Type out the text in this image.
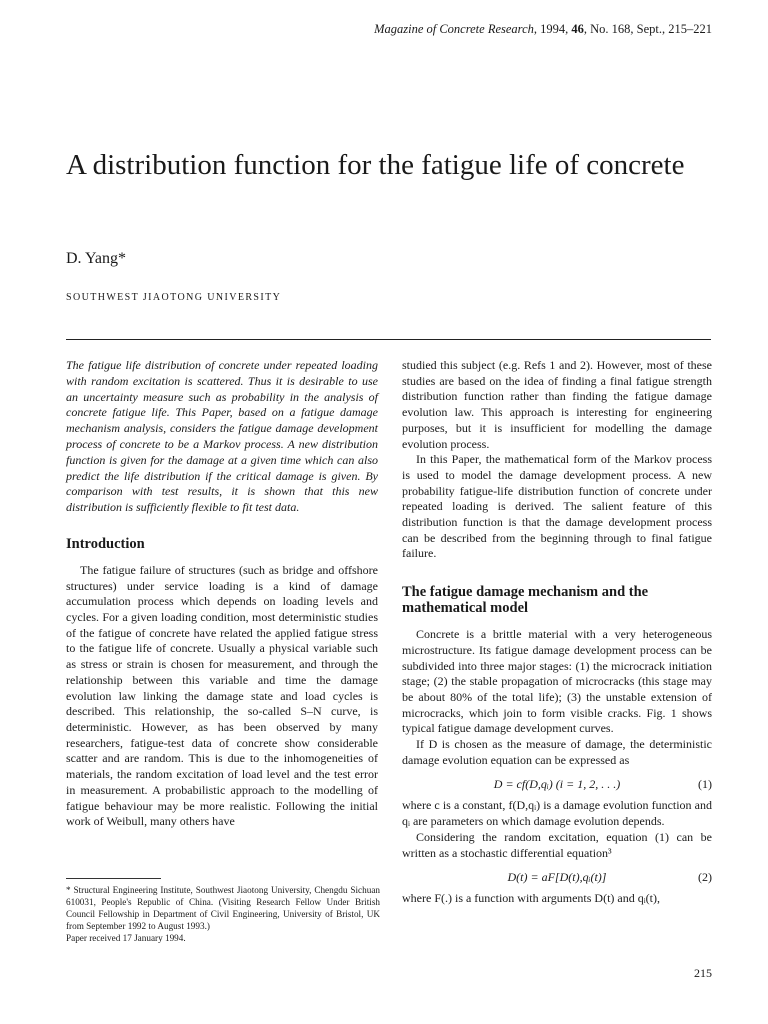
Magazine of Concrete Research, 1994, 46, No. 168, Sept., 215–221
A distribution function for the fatigue life of concrete
D. Yang*
SOUTHWEST JIAOTONG UNIVERSITY

The fatigue life distribution of concrete under repeated loading with random excitation is scattered. Thus it is desirable to use an uncertainty measure such as probability in the analysis of concrete fatigue life. This Paper, based on a fatigue damage mechanism analysis, considers the fatigue damage development process of concrete to be a Markov process. A new distribution function is given for the damage at a given time which can also predict the life distribution if the critical damage is given. By comparison with test results, it is shown that this new distribution is sufficiently flexible to fit test data.

Introduction

The fatigue failure of structures (such as bridge and offshore structures) under service loading is a kind of damage accumulation process which depends on loading levels and cycles. For a given loading condition, most deterministic studies of the fatigue of concrete have related the applied fatigue stress to the fatigue life of concrete. Usually a physical variable such as stress or strain is chosen for measurement, and through the relationship between this variable and time the damage evolution law linking the damage state and load cycles is described. This relationship, the so-called S–N curve, is deterministic. However, as has been observed by many researchers, fatigue-test data of concrete show considerable scatter and are random. This is due to the inhomogeneities of materials, the random excitation of load level and the test error in measurement. A probabilistic approach to the modelling of fatigue behaviour may be more realistic. Following the initial work of Weibull, many others have

studied this subject (e.g. Refs 1 and 2). However, most of these studies are based on the idea of finding a final fatigue strength distribution function rather than finding the fatigue damage evolution law. This approach is interesting for engineering purposes, but it is insufficient for modelling the damage evolution process.

In this Paper, the mathematical form of the Markov process is used to model the damage development process. A new probability fatigue-life distribution function of concrete under repeated loading is derived. The salient feature of this distribution function is that the damage development process can be described from the beginning through to final fatigue failure.

The fatigue damage mechanism and the mathematical model

Concrete is a brittle material with a very heterogeneous microstructure. Its fatigue damage development process can be subdivided into three major stages: (1) the microcrack initiation stage; (2) the stable propagation of microcracks (this stage may be about 80% of the total life); (3) the unstable extension of microcracks, which join to form visible cracks. Fig. 1 shows typical fatigue damage development curves.

If D is chosen as the measure of damage, the deterministic damage evolution equation can be expressed as

D = cf(D,qᵢ) (i = 1, 2, . . .)	(1)

where c is a constant, f(D,qᵢ) is a damage evolution function and qᵢ are parameters on which damage evolution depends.

Considering the random excitation, equation (1) can be written as a stochastic differential equation³

D(t) = aF[D(t),qᵢ(t)]	(2)

where F(.) is a function with arguments D(t) and qᵢ(t),

* Structural Engineering Institute, Southwest Jiaotong University, Chengdu Sichuan 610031, People's Republic of China. (Visiting Research Fellow Under British Council Fellowship in Department of Civil Engineering, University of Bristol, UK from September 1992 to August 1993.)
Paper received 17 January 1994.
215
